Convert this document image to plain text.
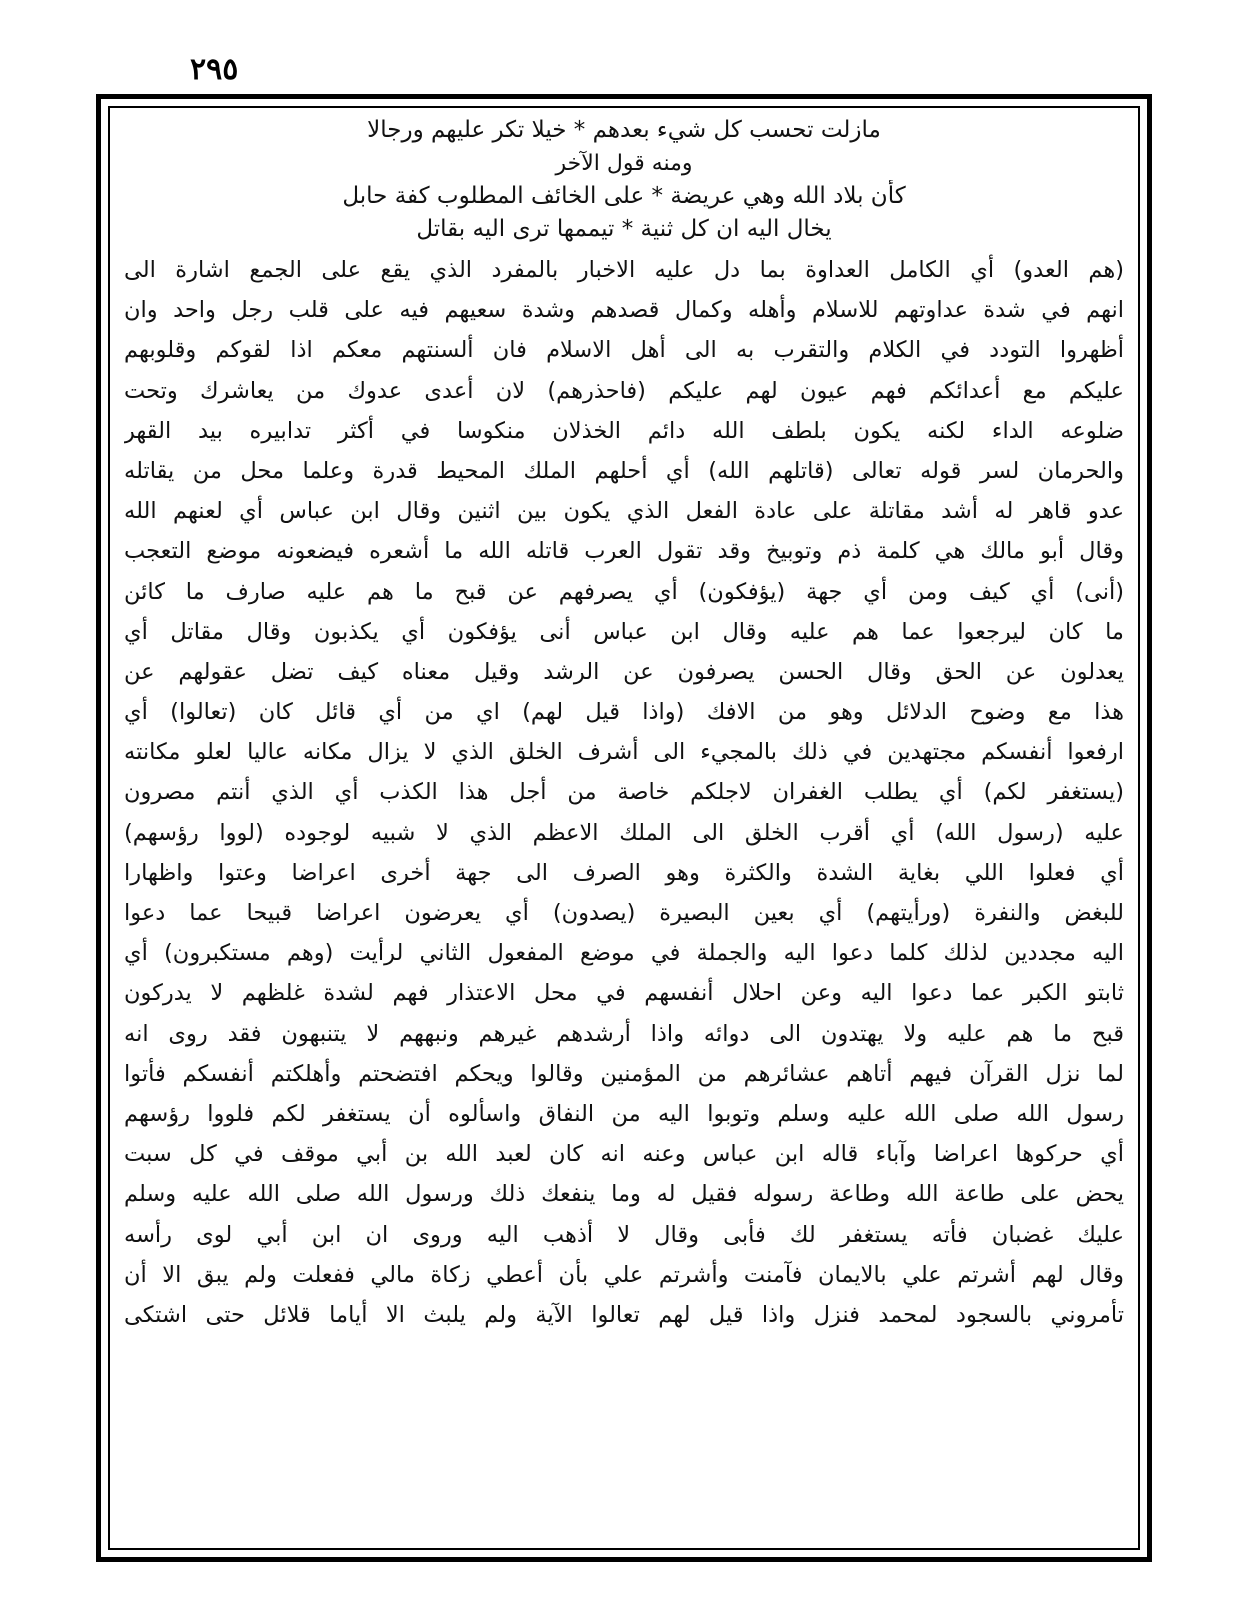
٢٩٥
مازلت تحسب كل شيء بعدهم * خيلا تكر عليهم ورجالا
ومنه قول الآخر
كأن بلاد الله وهي عريضة * على الخائف المطلوب كفة حابل
يخال اليه ان كل ثنية * تيممها ترى اليه بقاتل
(هم العدو) أي الكامل العداوة بما دل عليه الاخبار بالمفرد الذي يقع على الجمع اشارة الى
انهم في شدة عداوتهم للاسلام وأهله وكمال قصدهم وشدة سعيهم فيه على قلب رجل واحد وان
أظهروا التودد في الكلام والتقرب به الى أهل الاسلام فان ألسنتهم معكم اذا لقوكم وقلوبهم
عليكم مع أعدائكم فهم عيون لهم عليكم (فاحذرهم) لان أعدى عدوك من يعاشرك وتحت
ضلوعه الداء لكنه يكون بلطف الله دائم الخذلان منكوسا في أكثر تدابيره بيد القهر
والحرمان لسر قوله تعالى (قاتلهم الله) أي أحلهم الملك المحيط قدرة وعلما محل من يقاتله
عدو قاهر له أشد مقاتلة على عادة الفعل الذي يكون بين اثنين وقال ابن عباس أي لعنهم الله
وقال أبو مالك هي كلمة ذم وتوبيخ وقد تقول العرب قاتله الله ما أشعره فيضعونه موضع التعجب
(أنى) أي كيف ومن أي جهة (يؤفكون) أي يصرفهم عن قبح ما هم عليه صارف ما كائن
ما كان ليرجعوا عما هم عليه وقال ابن عباس أنى يؤفكون أي يكذبون وقال مقاتل أي
يعدلون عن الحق وقال الحسن يصرفون عن الرشد وقيل معناه كيف تضل عقولهم عن
هذا مع وضوح الدلائل وهو من الافك (واذا قيل لهم) اي من أي قائل كان (تعالوا) أي
ارفعوا أنفسكم مجتهدين في ذلك بالمجيء الى أشرف الخلق الذي لا يزال مكانه عاليا لعلو مكانته
(يستغفر لكم) أي يطلب الغفران لاجلكم خاصة من أجل هذا الكذب أي الذي أنتم مصرون
عليه (رسول الله) أي أقرب الخلق الى الملك الاعظم الذي لا شبيه لوجوده (لووا رؤسهم)
أي فعلوا اللي بغاية الشدة والكثرة وهو الصرف الى جهة أخرى اعراضا وعتوا واظهارا
للبغض والنفرة (ورأيتهم) أي بعين البصيرة (يصدون) أي يعرضون اعراضا قبيحا عما دعوا
اليه مجددين لذلك كلما دعوا اليه والجملة في موضع المفعول الثاني لرأيت (وهم مستكبرون) أي
ثابتو الكبر عما دعوا اليه وعن احلال أنفسهم في محل الاعتذار فهم لشدة غلظهم لا يدركون
قبح ما هم عليه ولا يهتدون الى دوائه واذا أرشدهم غيرهم ونبههم لا يتنبهون فقد روى انه
لما نزل القرآن فيهم أتاهم عشائرهم من المؤمنين وقالوا ويحكم افتضحتم وأهلكتم أنفسكم فأتوا
رسول الله صلى الله عليه وسلم وتوبوا اليه من النفاق واسألوه أن يستغفر لكم فلووا رؤسهم
أي حركوها اعراضا وآباء قاله ابن عباس وعنه انه كان لعبد الله بن أبي موقف في كل سبت
يحض على طاعة الله وطاعة رسوله فقيل له وما ينفعك ذلك ورسول الله صلى الله عليه وسلم
عليك غضبان فأته يستغفر لك فأبى وقال لا أذهب اليه وروى ان ابن أبي لوى رأسه
وقال لهم أشرتم علي بالايمان فآمنت وأشرتم علي بأن أعطي زكاة مالي ففعلت ولم يبق الا أن
تأمروني بالسجود لمحمد فنزل واذا قيل لهم تعالوا الآية ولم يلبث الا أياما قلائل حتى اشتكى
